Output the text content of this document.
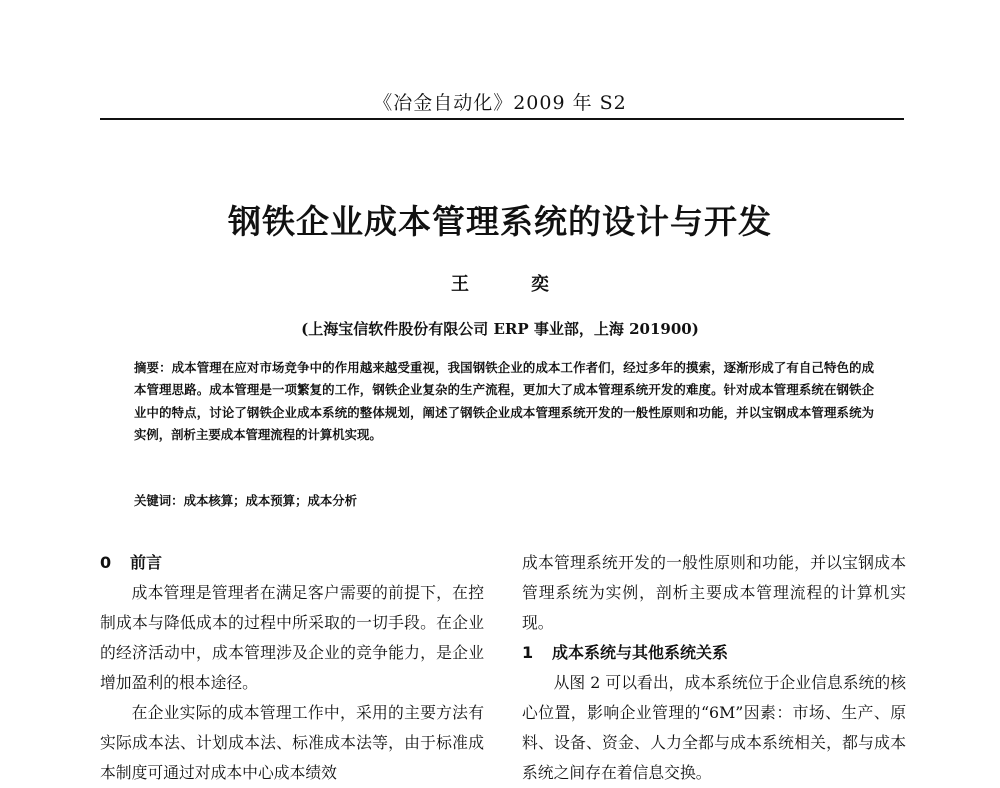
《冶金自动化》2009 年 S2
钢铁企业成本管理系统的设计与开发
王　奕
(上海宝信软件股份有限公司 ERP 事业部，上海 201900)
摘要：成本管理在应对市场竞争中的作用越来越受重视，我国钢铁企业的成本工作者们，经过多年的摸索，逐渐形成了有自己特色的成本管理思路。成本管理是一项繁复的工作，钢铁企业复杂的生产流程，更加大了成本管理系统开发的难度。针对成本管理系统在钢铁企业中的特点，讨论了钢铁企业成本系统的整体规划，阐述了钢铁企业成本管理系统开发的一般性原则和功能，并以宝钢成本管理系统为实例，剖析主要成本管理流程的计算机实现。
关键词：成本核算；成本预算；成本分析
0 前言

成本管理是管理者在满足客户需要的前提下，在控制成本与降低成本的过程中所采取的一切手段。在企业的经济活动中，成本管理涉及企业的竞争能力，是企业增加盈利的根本途径。

在企业实际的成本管理工作中，采用的主要方法有实际成本法、计划成本法、标准成本法等，由于标准成本制度可通过对成本中心成本绩效

成本管理系统开发的一般性原则和功能，并以宝钢成本管理系统为实例，剖析主要成本管理流程的计算机实现。

1 成本系统与其他系统关系

从图 2 可以看出，成本系统位于企业信息系统的核心位置，影响企业管理的“6M”因素：市场、生产、原料、设备、资金、人力全都与成本系统相关，都与成本系统之间存在着信息交换。
